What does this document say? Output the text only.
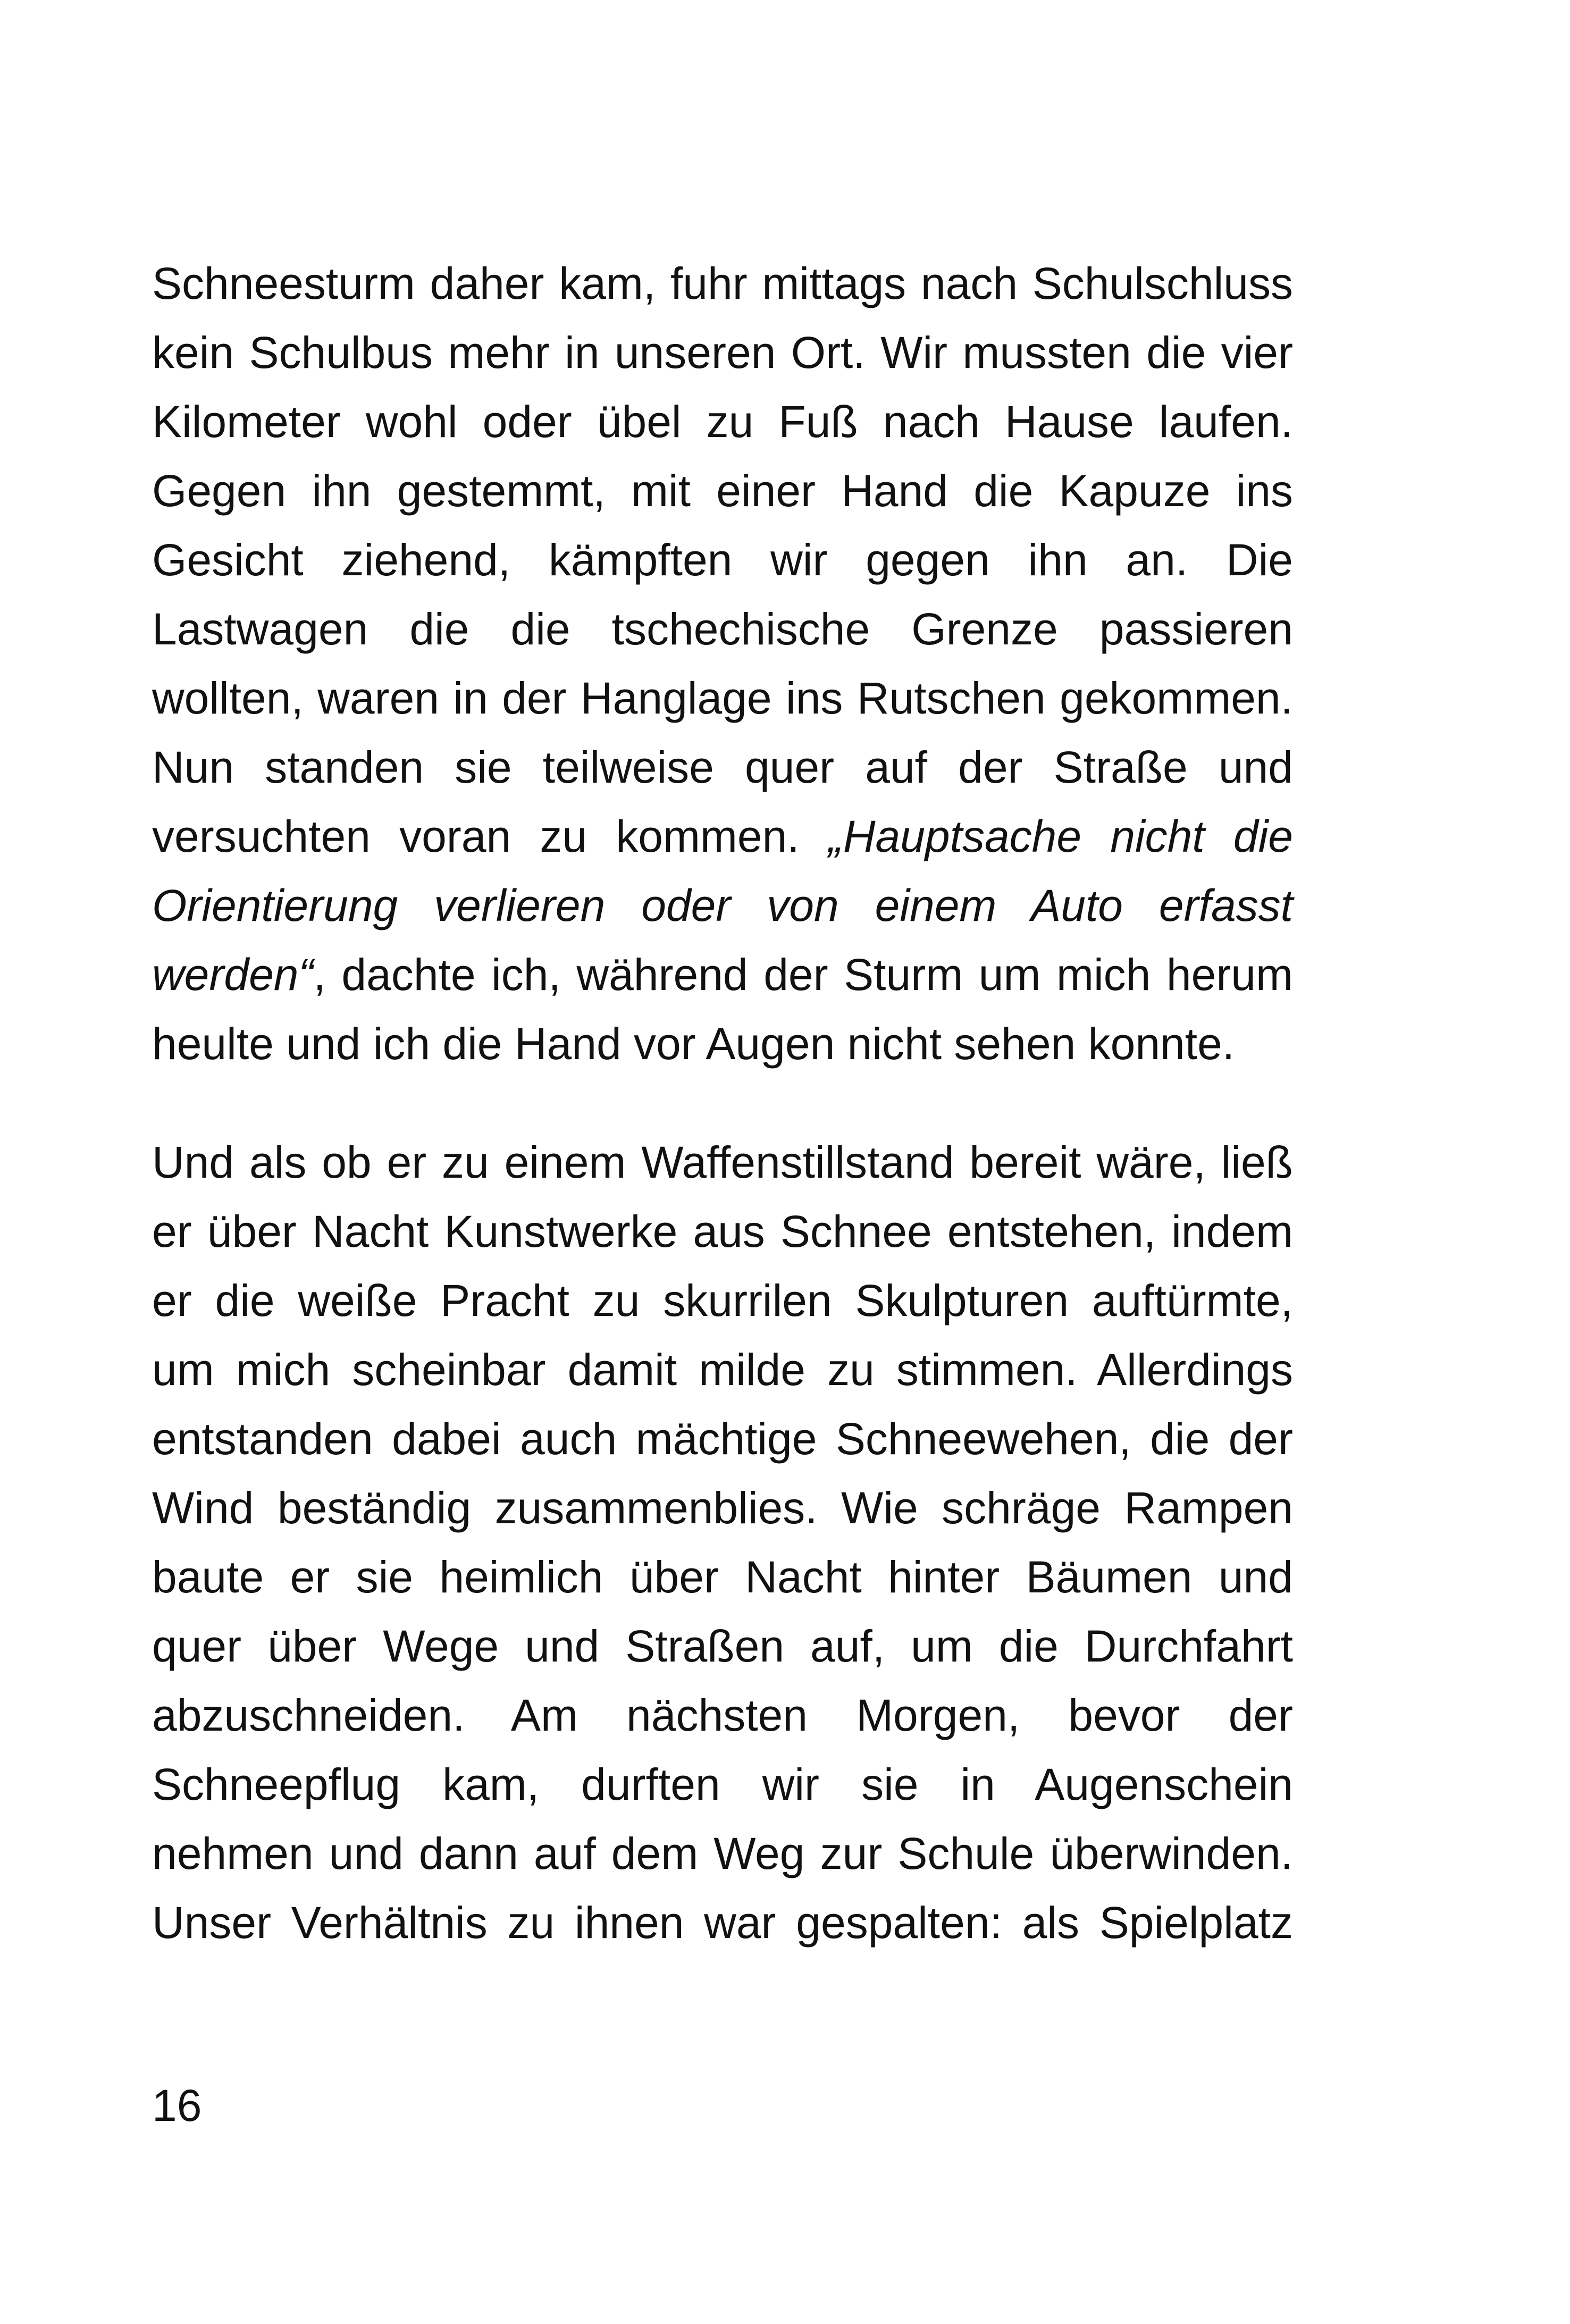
Schneesturm daher kam, fuhr mittags nach Schulschluss
kein Schulbus mehr in unseren Ort. Wir mussten die vier
Kilometer wohl oder übel zu Fuß nach Hause laufen.
Gegen ihn gestemmt, mit einer Hand die Kapuze ins
Gesicht ziehend, kämpften wir gegen ihn an. Die
Lastwagen die die tschechische Grenze passieren
wollten, waren in der Hanglage ins Rutschen gekommen.
Nun standen sie teilweise quer auf der Straße und
versuchten voran zu kommen. „Hauptsache nicht die
Orientierung verlieren oder von einem Auto erfasst
werden“, dachte ich, während der Sturm um mich herum
heulte und ich die Hand vor Augen nicht sehen konnte.
Und als ob er zu einem Waffenstillstand bereit wäre, ließ
er über Nacht Kunstwerke aus Schnee entstehen, indem
er die weiße Pracht zu skurrilen Skulpturen auftürmte,
um mich scheinbar damit milde zu stimmen. Allerdings
entstanden dabei auch mächtige Schneewehen, die der
Wind beständig zusammenblies. Wie schräge Rampen
baute er sie heimlich über Nacht hinter Bäumen und
quer über Wege und Straßen auf, um die Durchfahrt
abzuschneiden. Am nächsten Morgen, bevor der
Schneepflug kam, durften wir sie in Augenschein
nehmen und dann auf dem Weg zur Schule überwinden.
Unser Verhältnis zu ihnen war gespalten: als Spielplatz
16
